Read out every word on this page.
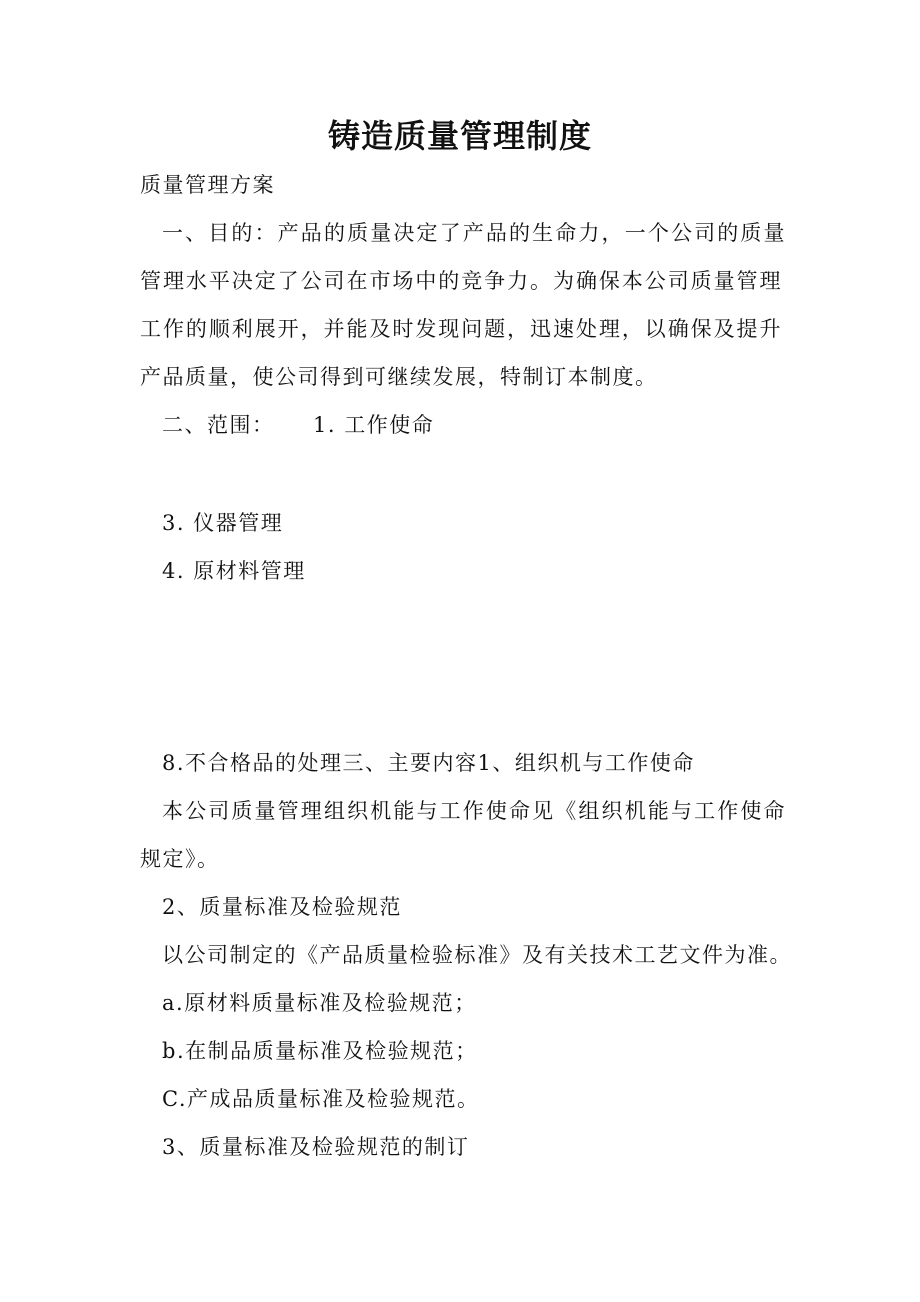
铸造质量管理制度
质量管理方案
一、目的：产品的质量决定了产品的生命力，一个公司的质量
管理水平决定了公司在市场中的竞争力。为确保本公司质量管理
工作的顺利展开，并能及时发现问题，迅速处理，以确保及提升
产品质量，使公司得到可继续发展，特制订本制度。
二、范围： 1. 工作使命
3. 仪器管理
4. 原材料管理
8.不合格品的处理三、主要内容1、组织机与工作使命
本公司质量管理组织机能与工作使命见《组织机能与工作使命
规定》。
2、质量标准及检验规范
以公司制定的《产品质量检验标准》及有关技术工艺文件为准。
a.原材料质量标准及检验规范；
b.在制品质量标准及检验规范；
C.产成品质量标准及检验规范。
3、质量标准及检验规范的制订
